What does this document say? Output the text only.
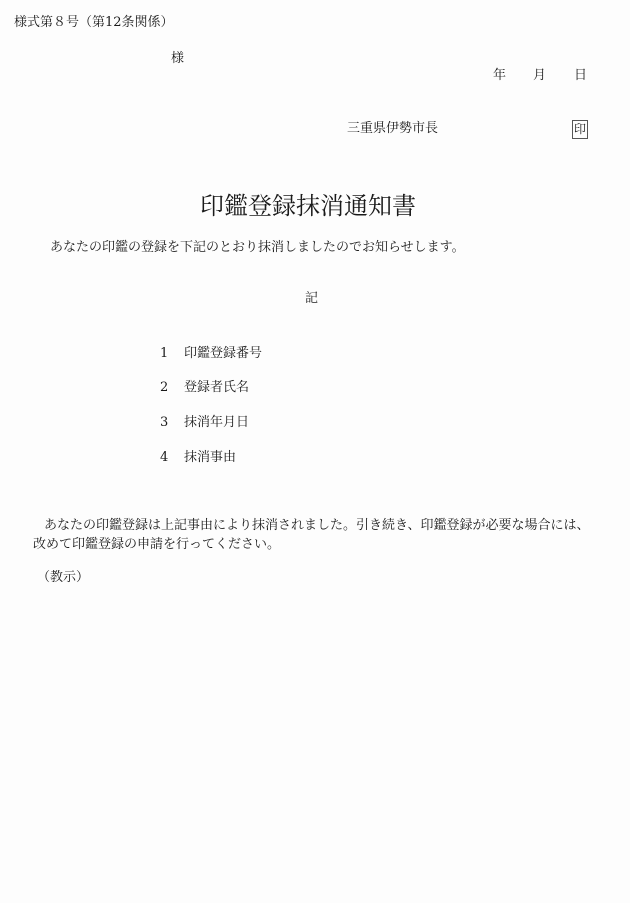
様式第８号（第12条関係）
様
年 月 日
三重県伊勢市長	印
印鑑登録抹消通知書
あなたの印鑑の登録を下記のとおり抹消しましたのでお知らせします。
記
1 印鑑登録番号
2 登録者氏名
3 抹消年月日
4 抹消事由
あなたの印鑑登録は上記事由により抹消されました。引き続き、印鑑登録が必要な場合には、
改めて印鑑登録の申請を行ってください。
（教示）
